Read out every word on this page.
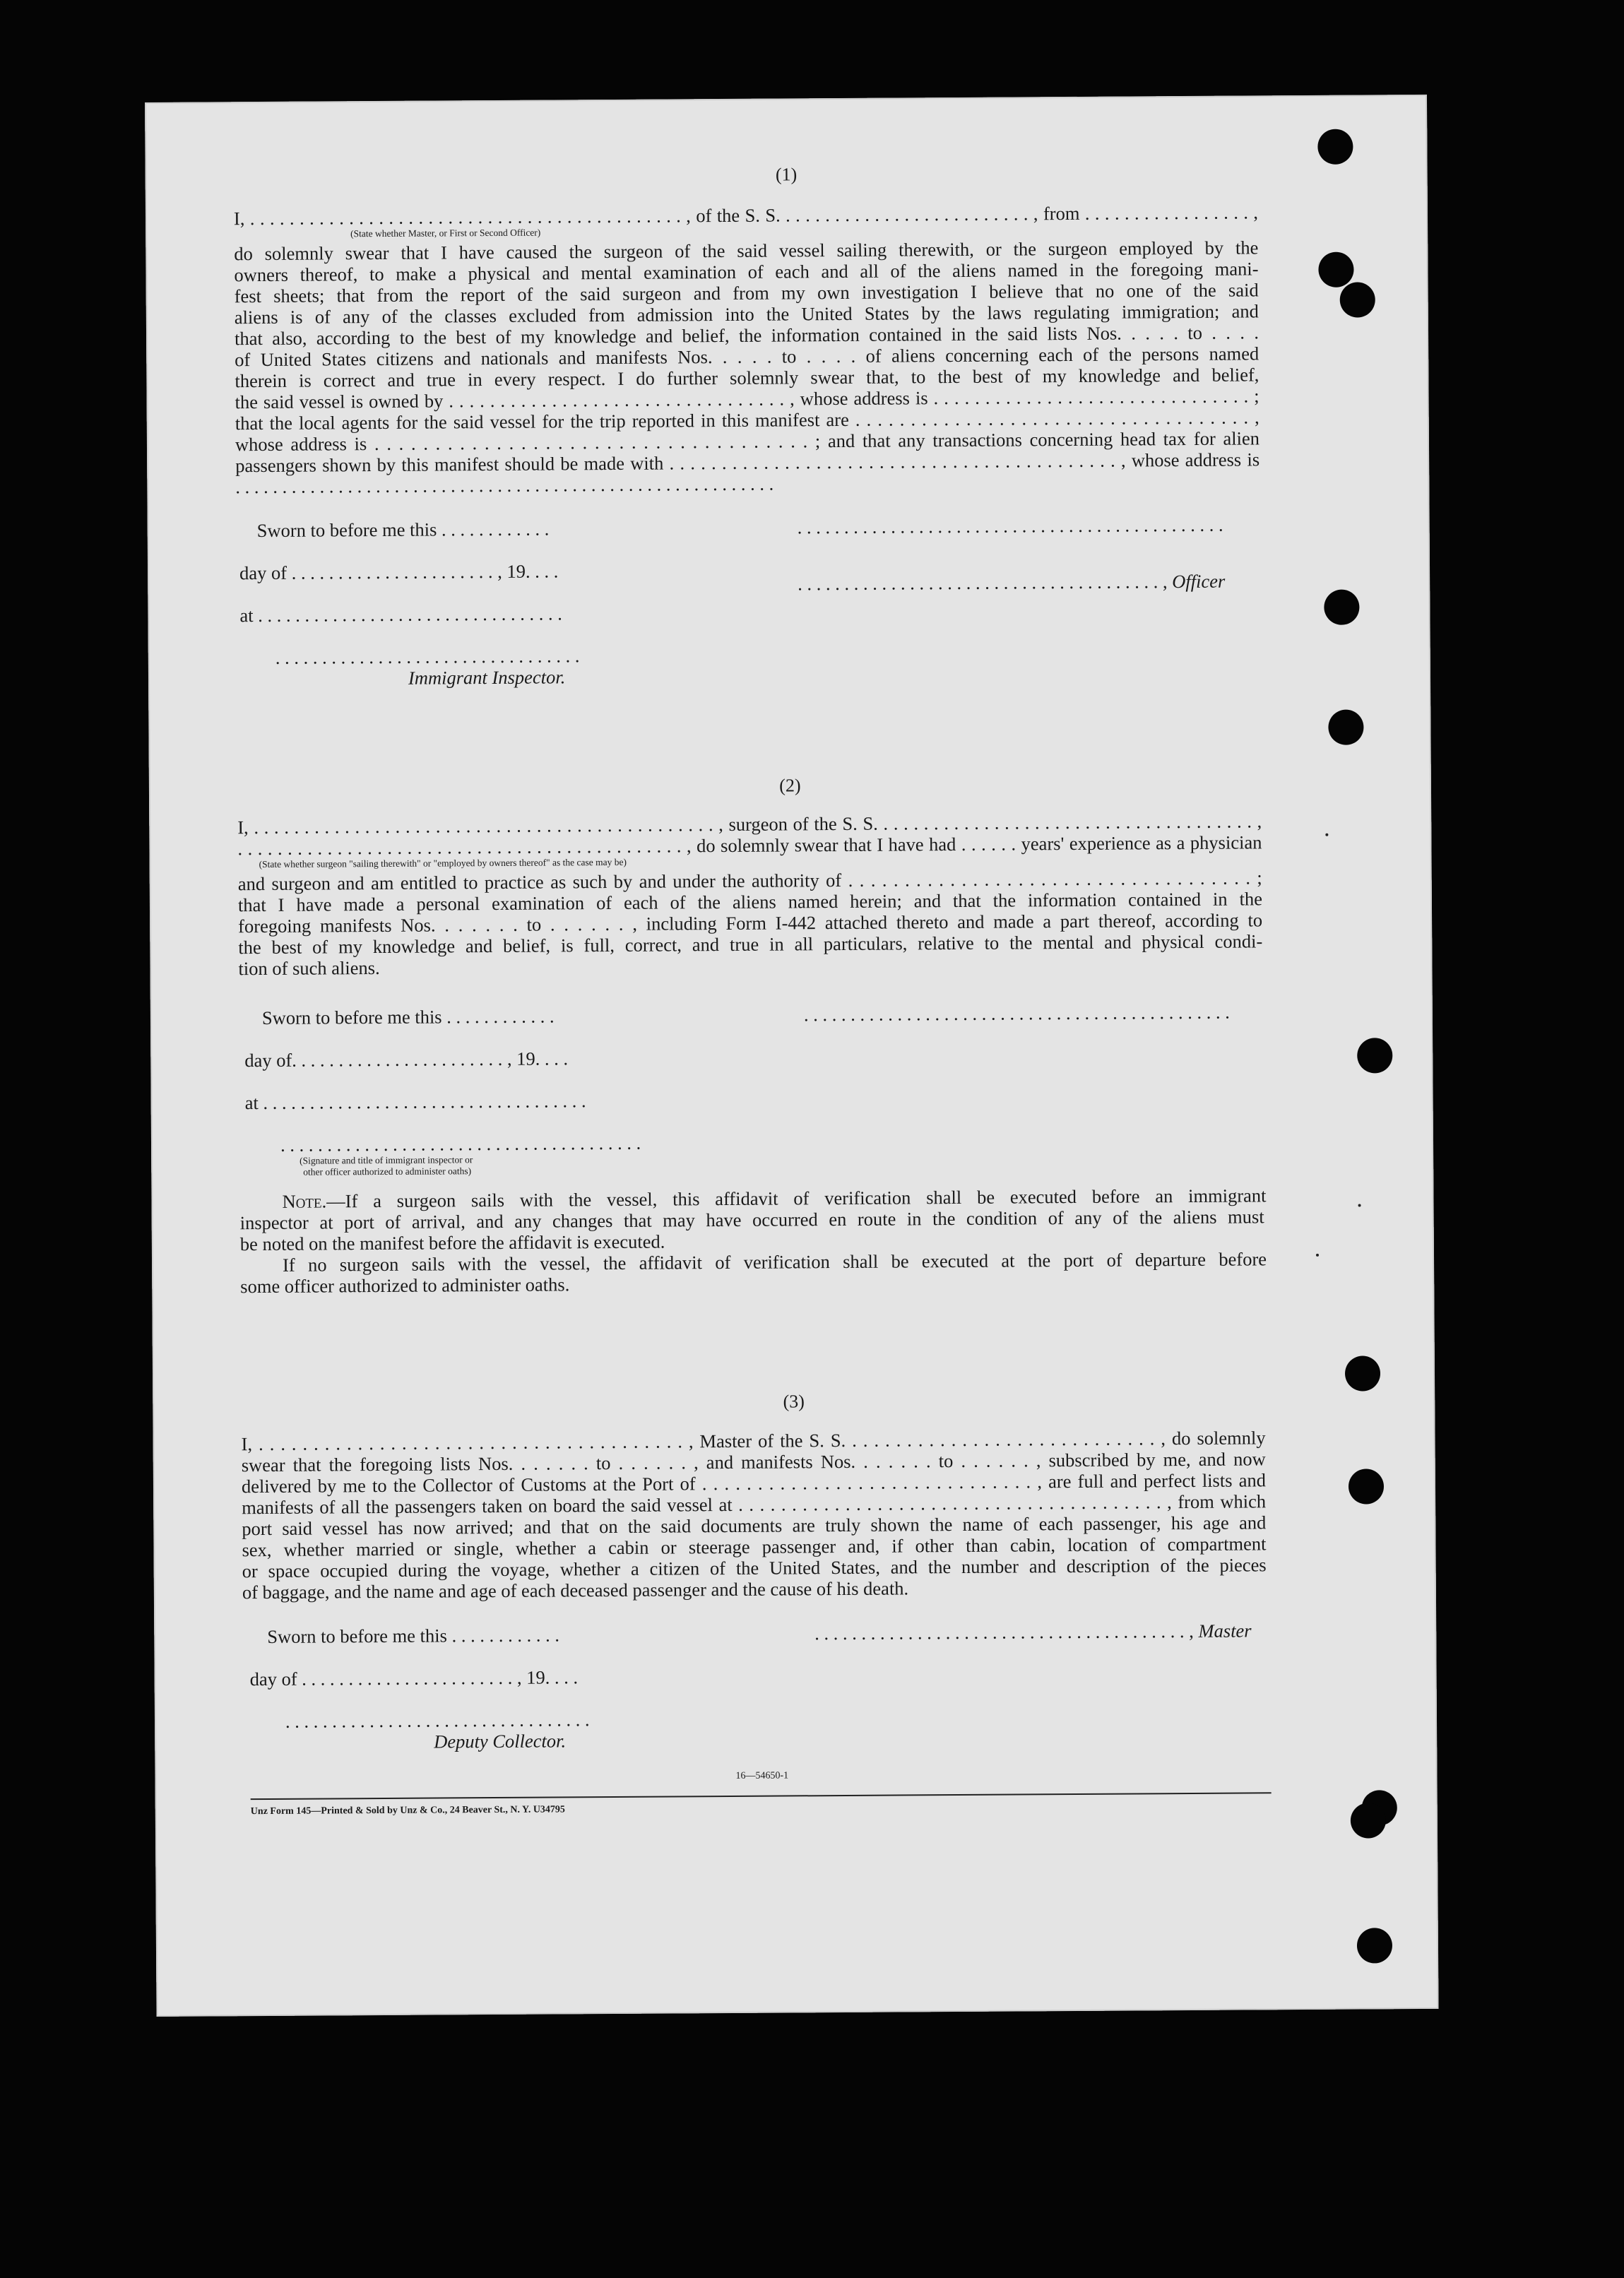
(1)
I, . . . . . . . . . . . . . . . . . . . . . . . . . . . . . . . . . . . . . . . . . . . . , of the S. S. . . . . . . . . . . . . . . . . . . . . . . . . . , from . . . . . . . . . . . . . . . . . ,
(State whether Master, or First or Second Officer)
do solemnly swear that I have caused the surgeon of the said vessel sailing therewith, or the surgeon employed by the
owners thereof, to make a physical and mental examination of each and all of the aliens named in the foregoing mani-
fest sheets; that from the report of the said surgeon and from my own investigation I believe that no one of the said
aliens is of any of the classes excluded from admission into the United States by the laws regulating immigration; and
that also, according to the best of my knowledge and belief, the information contained in the said lists Nos. . . . . to . . . .
of United States citizens and nationals and manifests Nos. . . . . to . . . . of aliens concerning each of the persons named
therein is correct and true in every respect. I do further solemnly swear that, to the best of my knowledge and belief,
the said vessel is owned by . . . . . . . . . . . . . . . . . . . . . . . . . . . . . . . . . , whose address is . . . . . . . . . . . . . . . . . . . . . . . . . . . . . . . ;
that the local agents for the said vessel for the trip reported in this manifest are . . . . . . . . . . . . . . . . . . . . . . . . . . . . . . . . . . . . ,
whose address is . . . . . . . . . . . . . . . . . . . . . . . . . . . . . . . . . . . . ; and that any transactions concerning head tax for alien
passengers shown by this manifest should be made with . . . . . . . . . . . . . . . . . . . . . . . . . . . . . . . . . . . . . . . . . . . , whose address is
. . . . . . . . . . . . . . . . . . . . . . . . . . . . . . . . . . . . . . . . . . . . . . . . . . . . . . . . . .
Sworn to before me this . . . . . . . . . . . .	. . . . . . . . . . . . . . . . . . . . . . . . . . . . . . . . . . . . . . . . . . . . . .
day of . . . . . . . . . . . . . . . . . . . . . . , 19. . . .	. . . . . . . . . . . . . . . . . . . . . . . . . . . . . . . . . . . . . . . , Officer
at . . . . . . . . . . . . . . . . . . . . . . . . . . . . . . . . .
. . . . . . . . . . . . . . . . . . . . . . . . . . . . . . . . .
Immigrant Inspector.
(2)
I, . . . . . . . . . . . . . . . . . . . . . . . . . . . . . . . . . . . . . . . . . . . . . . , surgeon of the S. S. . . . . . . . . . . . . . . . . . . . . . . . . . . . . . . . . . . . . . ,
. . . . . . . . . . . . . . . . . . . . . . . . . . . . . . . . . . . . . . . . . . . . . , do solemnly swear that I have had . . . . . . years' experience as a physician
(State whether surgeon "sailing therewith" or "employed by owners thereof" as the case may be)
and surgeon and am entitled to practice as such by and under the authority of . . . . . . . . . . . . . . . . . . . . . . . . . . . . . . . . . . . . ;
that I have made a personal examination of each of the aliens named herein; and that the information contained in the
foregoing manifests Nos. . . . . . . to . . . . . . , including Form I-442 attached thereto and made a part thereof, according to
the best of my knowledge and belief, is full, correct, and true in all particulars, relative to the mental and physical condi-
tion of such aliens.
Sworn to before me this . . . . . . . . . . . .	. . . . . . . . . . . . . . . . . . . . . . . . . . . . . . . . . . . . . . . . . . . . . .
day of. . . . . . . . . . . . . . . . . . . . . . . , 19. . . .
at . . . . . . . . . . . . . . . . . . . . . . . . . . . . . . . . . . .
. . . . . . . . . . . . . . . . . . . . . . . . . . . . . . . . . . . . . . .
(Signature and title of immigrant inspector or
other officer authorized to administer oaths)
Note.—If a surgeon sails with the vessel, this affidavit of verification shall be executed before an immigrant
inspector at port of arrival, and any changes that may have occurred en route in the condition of any of the aliens must
be noted on the manifest before the affidavit is executed.
If no surgeon sails with the vessel, the affidavit of verification shall be executed at the port of departure before
some officer authorized to administer oaths.
(3)
I, . . . . . . . . . . . . . . . . . . . . . . . . . . . . . . . . . . . . . . . , Master of the S. S. . . . . . . . . . . . . . . . . . . . . . . . . . . . . , do solemnly
swear that the foregoing lists Nos. . . . . . . to . . . . . . , and manifests Nos. . . . . . . to . . . . . . , subscribed by me, and now
delivered by me to the Collector of Customs at the Port of . . . . . . . . . . . . . . . . . . . . . . . . . . . . . . , are full and perfect lists and
manifests of all the passengers taken on board the said vessel at . . . . . . . . . . . . . . . . . . . . . . . . . . . . . . . . . . . . . . . . , from which
port said vessel has now arrived; and that on the said documents are truly shown the name of each passenger, his age and
sex, whether married or single, whether a cabin or steerage passenger and, if other than cabin, location of compartment
or space occupied during the voyage, whether a citizen of the United States, and the number and description of the pieces
of baggage, and the name and age of each deceased passenger and the cause of his death.
Sworn to before me this . . . . . . . . . . . .	. . . . . . . . . . . . . . . . . . . . . . . . . . . . . . . . . . . . . . . . , Master
day of . . . . . . . . . . . . . . . . . . . . . . . , 19. . . .
. . . . . . . . . . . . . . . . . . . . . . . . . . . . . . . . .
Deputy Collector.
16—54650-1
Unz Form 145—Printed & Sold by Unz & Co., 24 Beaver St., N. Y. U34795
